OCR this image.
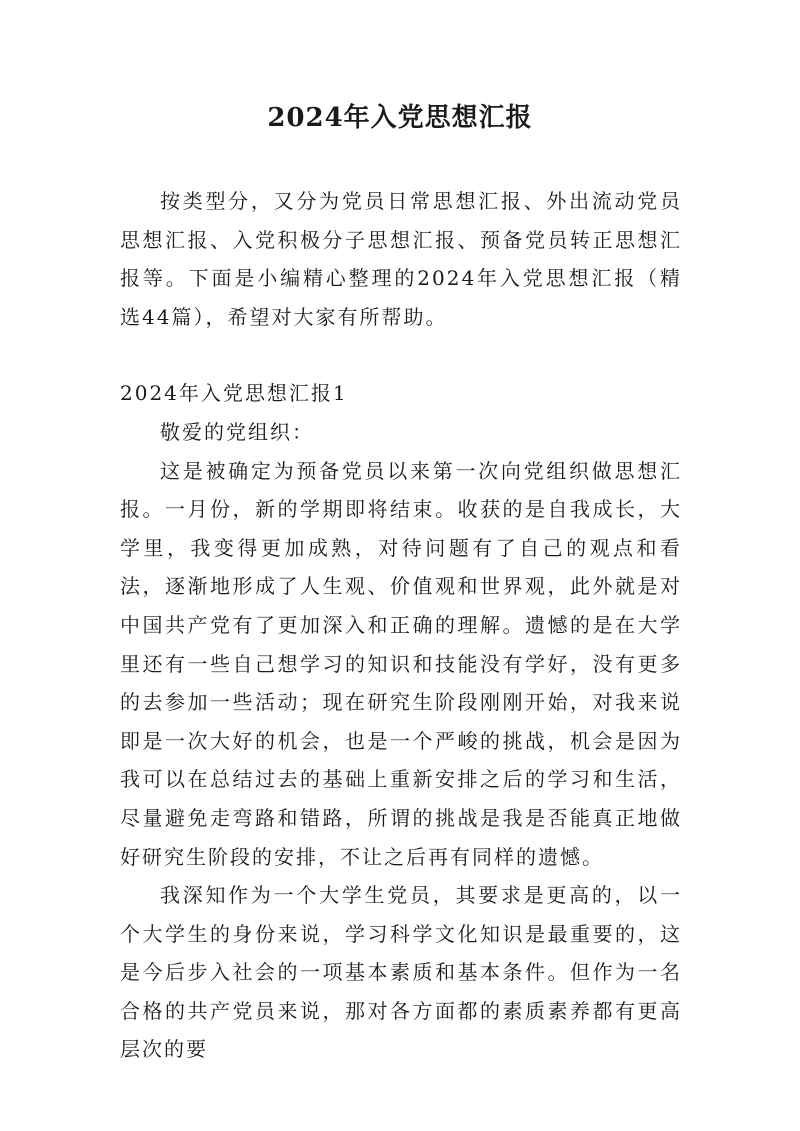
2024年入党思想汇报

按类型分，又分为党员日常思想汇报、外出流动党员思想汇报、入党积极分子思想汇报、预备党员转正思想汇报等。下面是小编精心整理的2024年入党思想汇报（精选44篇），希望对大家有所帮助。

2024年入党思想汇报1

敬爱的党组织：

这是被确定为预备党员以来第一次向党组织做思想汇报。一月份，新的学期即将结束。收获的是自我成长，大学里，我变得更加成熟，对待问题有了自己的观点和看法，逐渐地形成了人生观、价值观和世界观，此外就是对中国共产党有了更加深入和正确的理解。遗憾的是在大学里还有一些自己想学习的知识和技能没有学好，没有更多的去参加一些活动；现在研究生阶段刚刚开始，对我来说即是一次大好的机会，也是一个严峻的挑战，机会是因为我可以在总结过去的基础上重新安排之后的学习和生活，尽量避免走弯路和错路，所谓的挑战是我是否能真正地做好研究生阶段的安排，不让之后再有同样的遗憾。

我深知作为一个大学生党员，其要求是更高的，以一个大学生的身份来说，学习科学文化知识是最重要的，这是今后步入社会的一项基本素质和基本条件。但作为一名合格的共产党员来说，那对各方面都的素质素养都有更高层次的要
